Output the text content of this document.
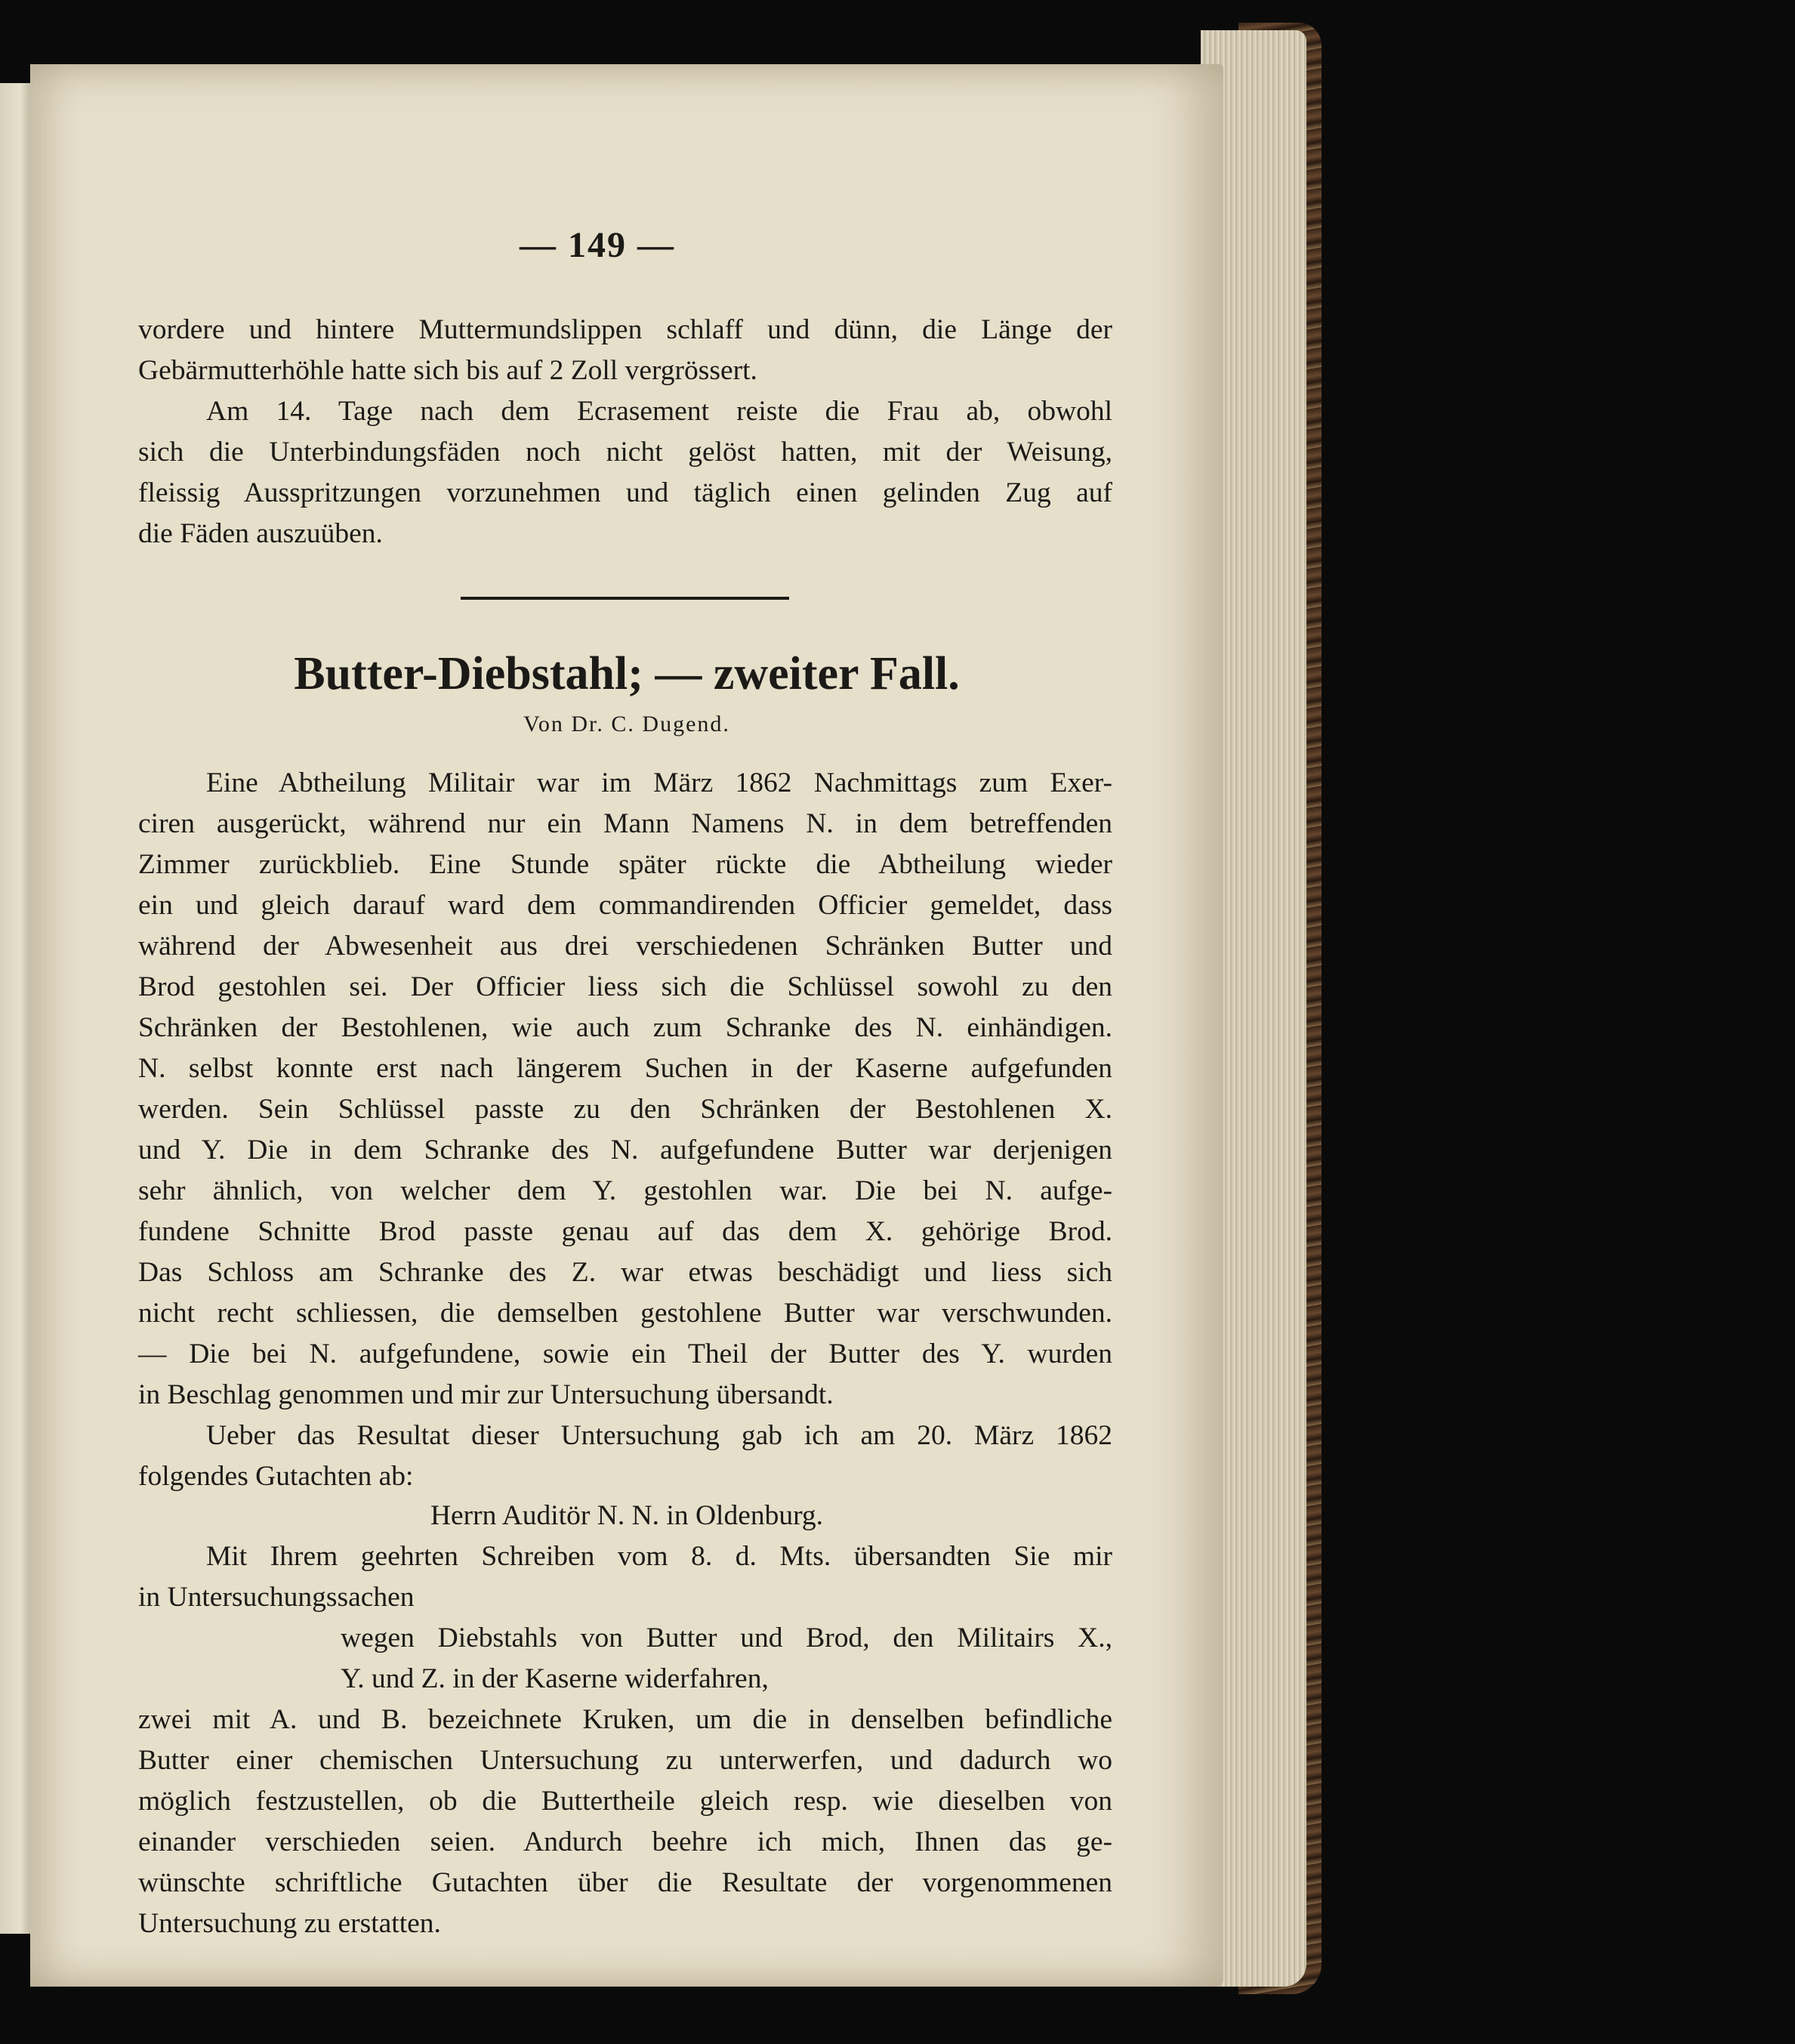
— 149 —
vordere und hintere Muttermundslippen schlaff und dünn, die Länge der
Gebärmutterhöhle hatte sich bis auf 2 Zoll vergrössert.
Am 14. Tage nach dem Ecrasement reiste die Frau ab, obwohl
sich die Unterbindungsfäden noch nicht gelöst hatten, mit der Weisung,
fleissig Ausspritzungen vorzunehmen und täglich einen gelinden Zug auf
die Fäden auszuüben.
Butter-Diebstahl; — zweiter Fall.
Von Dr. C. Dugend.
Eine Abtheilung Militair war im März 1862 Nachmittags zum Exer-
ciren ausgerückt, während nur ein Mann Namens N. in dem betreffenden
Zimmer zurückblieb. Eine Stunde später rückte die Abtheilung wieder
ein und gleich darauf ward dem commandirenden Officier gemeldet, dass
während der Abwesenheit aus drei verschiedenen Schränken Butter und
Brod gestohlen sei. Der Officier liess sich die Schlüssel sowohl zu den
Schränken der Bestohlenen, wie auch zum Schranke des N. einhändigen.
N. selbst konnte erst nach längerem Suchen in der Kaserne aufgefunden
werden. Sein Schlüssel passte zu den Schränken der Bestohlenen X.
und Y. Die in dem Schranke des N. aufgefundene Butter war derjenigen
sehr ähnlich, von welcher dem Y. gestohlen war. Die bei N. aufge-
fundene Schnitte Brod passte genau auf das dem X. gehörige Brod.
Das Schloss am Schranke des Z. war etwas beschädigt und liess sich
nicht recht schliessen, die demselben gestohlene Butter war verschwunden.
— Die bei N. aufgefundene, sowie ein Theil der Butter des Y. wurden
in Beschlag genommen und mir zur Untersuchung übersandt.
Ueber das Resultat dieser Untersuchung gab ich am 20. März 1862
folgendes Gutachten ab:
Herrn Auditör N. N. in Oldenburg.
Mit Ihrem geehrten Schreiben vom 8. d. Mts. übersandten Sie mir
in Untersuchungssachen
wegen Diebstahls von Butter und Brod, den Militairs X.,
Y. und Z. in der Kaserne widerfahren,
zwei mit A. und B. bezeichnete Kruken, um die in denselben befindliche
Butter einer chemischen Untersuchung zu unterwerfen, und dadurch wo
möglich festzustellen, ob die Buttertheile gleich resp. wie dieselben von
einander verschieden seien. Andurch beehre ich mich, Ihnen das ge-
wünschte schriftliche Gutachten über die Resultate der vorgenommenen
Untersuchung zu erstatten.
